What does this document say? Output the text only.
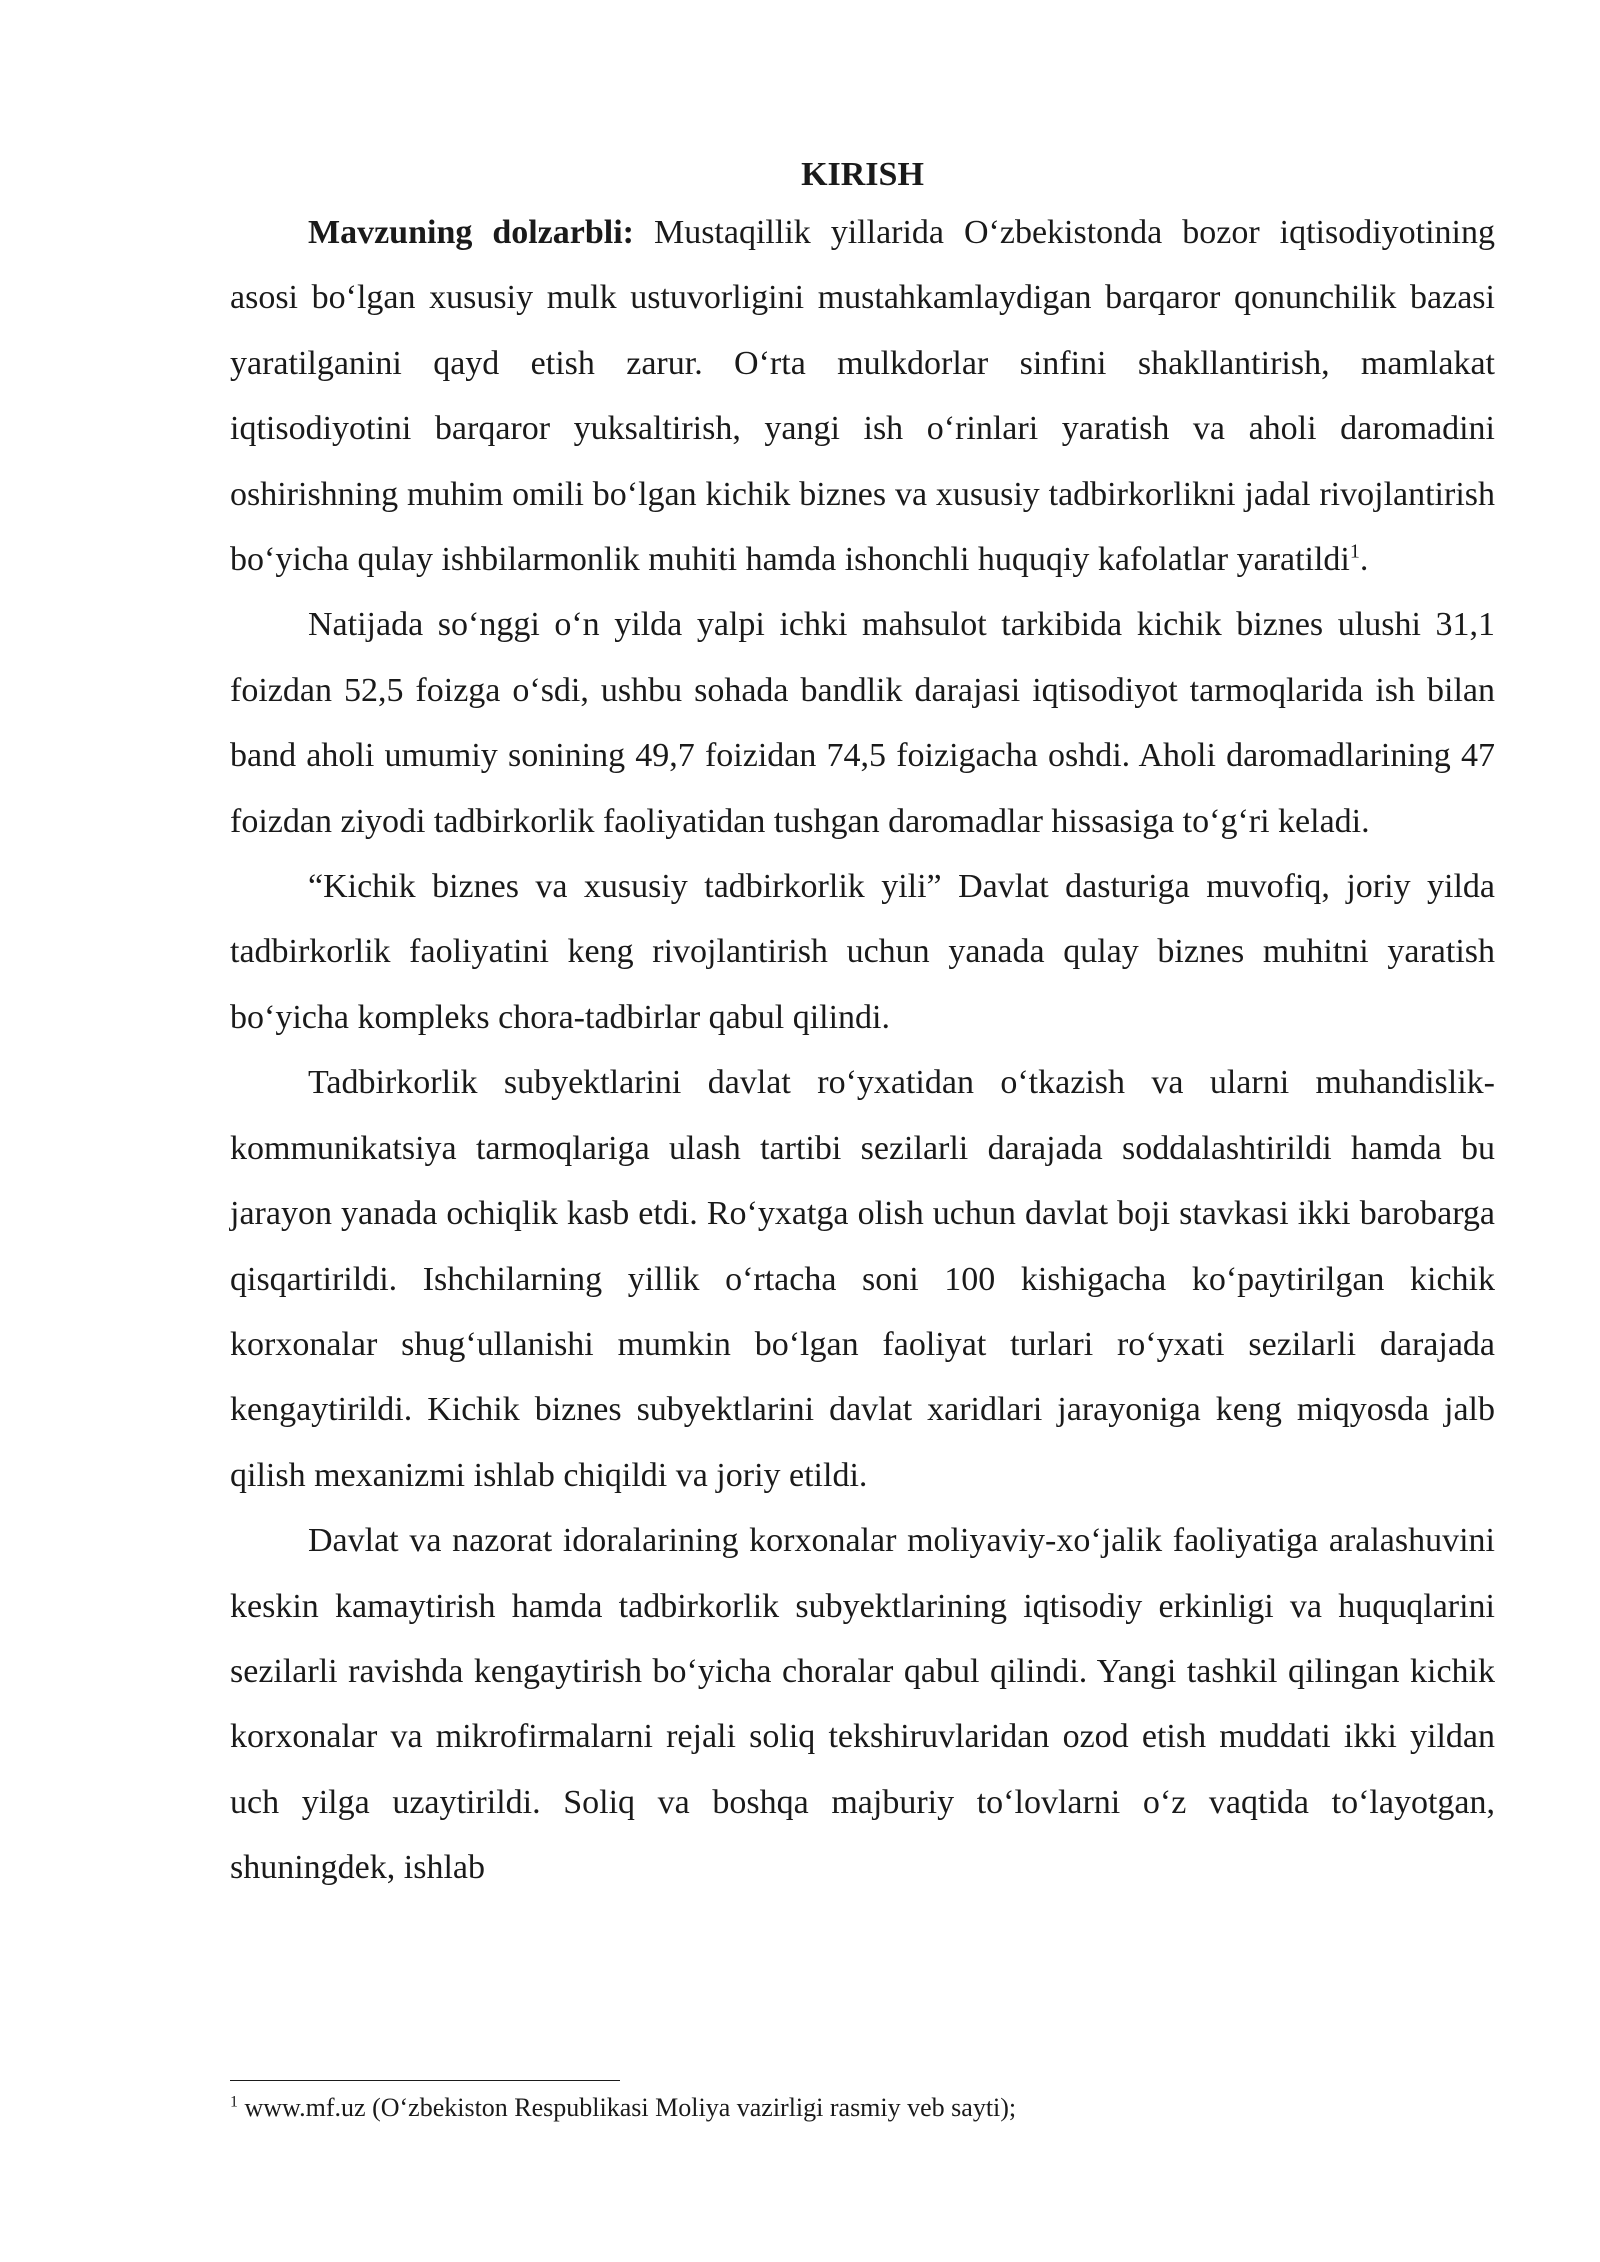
KIRISH

Mavzuning dolzarbli: Mustaqillik yillarida O‘zbekistonda bozor iqtisodiyotining asosi bo‘lgan xususiy mulk ustuvorligini mustahkamlaydigan barqaror qonunchilik bazasi yaratilganini qayd etish zarur. O‘rta mulkdorlar sinfini shakllantirish, mamlakat iqtisodiyotini barqaror yuksaltirish, yangi ish o‘rinlari yaratish va aholi daromadini oshirishning muhim omili bo‘lgan kichik biznes va xususiy tadbirkorlikni jadal rivojlantirish bo‘yicha qulay ishbilarmonlik muhiti hamda ishonchli huquqiy kafolatlar yaratildi$^1$.

Natijada so‘nggi o‘n yilda yalpi ichki mahsulot tarkibida kichik biznes ulushi 31,1 foizdan 52,5 foizga o‘sdi, ushbu sohada bandlik darajasi iqtisodiyot tarmoqlarida ish bilan band aholi umumiy sonining 49,7 foizidan 74,5 foizigacha oshdi. Aholi daromadlarining 47 foizdan ziyodi tadbirkorlik faoliyatidan tushgan daromadlar hissasiga to‘g‘ri keladi.

“Kichik biznes va xususiy tadbirkorlik yili” Davlat dasturiga muvofiq, joriy yilda tadbirkorlik faoliyatini keng rivojlantirish uchun yanada qulay biznes muhitni yaratish bo‘yicha kompleks chora-tadbirlar qabul qilindi.

Tadbirkorlik subyektlarini davlat ro‘yxatidan o‘tkazish va ularni muhandislik-kommunikatsiya tarmoqlariga ulash tartibi sezilarli darajada soddalashtirildi hamda bu jarayon yanada ochiqlik kasb etdi. Ro‘yxatga olish uchun davlat boji stavkasi ikki barobarga qisqartirildi. Ishchilarning yillik o‘rtacha soni 100 kishigacha ko‘paytirilgan kichik korxonalar shug‘ullanishi mumkin bo‘lgan faoliyat turlari ro‘yxati sezilarli darajada kengaytirildi. Kichik biznes subyektlarini davlat xaridlari jarayoniga keng miqyosda jalb qilish mexanizmi ishlab chiqildi va joriy etildi.

Davlat va nazorat idoralarining korxonalar moliyaviy-xo‘jalik faoliyatiga aralashuvini keskin kamaytirish hamda tadbirkorlik subyektlarining iqtisodiy erkinligi va huquqlarini sezilarli ravishda kengaytirish bo‘yicha choralar qabul qilindi. Yangi tashkil qilingan kichik korxonalar va mikrofirmalarni rejali soliq tekshiruvlaridan ozod etish muddati ikki yildan uch yilga uzaytirildi. Soliq va boshqa majburiy to‘lovlarni o‘z vaqtida to‘layotgan, shuningdek, ishlab

$^1$ www.mf.uz (O‘zbekiston Respublikasi Moliya vazirligi rasmiy veb sayti);
